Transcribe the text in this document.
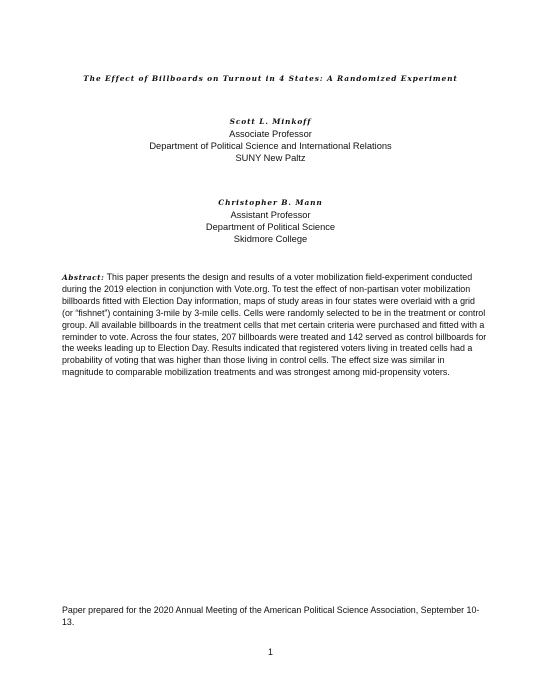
The Effect of Billboards on Turnout in 4 States: A Randomized Experiment
Scott L. Minkoff
Associate Professor
Department of Political Science and International Relations
SUNY New Paltz
Christopher B. Mann
Assistant Professor
Department of Political Science
Skidmore College
Abstract: This paper presents the design and results of a voter mobilization field-experiment conducted during the 2019 election in conjunction with Vote.org. To test the effect of non-partisan voter mobilization billboards fitted with Election Day information, maps of study areas in four states were overlaid with a grid (or “fishnet”) containing 3-mile by 3-mile cells. Cells were randomly selected to be in the treatment or control group. All available billboards in the treatment cells that met certain criteria were purchased and fitted with a reminder to vote. Across the four states, 207 billboards were treated and 142 served as control billboards for the weeks leading up to Election Day. Results indicated that registered voters living in treated cells had a probability of voting that was higher than those living in control cells. The effect size was similar in magnitude to comparable mobilization treatments and was strongest among mid-propensity voters.
Paper prepared for the 2020 Annual Meeting of the American Political Science Association, September 10-13.
1
